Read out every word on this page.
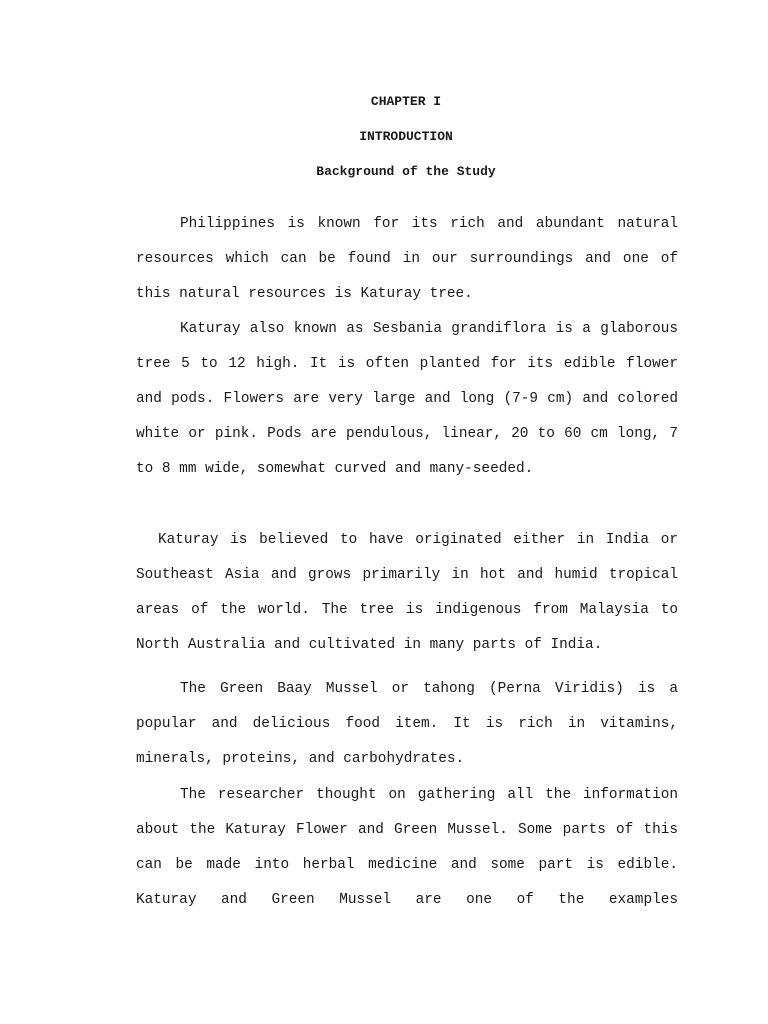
CHAPTER I
INTRODUCTION
Background of the Study

Philippines is known for its rich and abundant natural resources which can be found in our surroundings and one of this natural resources is Katuray tree.

Katuray also known as Sesbania grandiflora is a glaborous tree 5 to 12 high. It is often planted for its edible flower and pods. Flowers are very large and long (7-9 cm) and colored white or pink. Pods are pendulous, linear, 20 to 60 cm long, 7 to 8 mm wide, somewhat curved and many-seeded.

Katuray is believed to have originated either in India or Southeast Asia and grows primarily in hot and humid tropical areas of the world. The tree is indigenous from Malaysia to North Australia and cultivated in many parts of India.

The Green Baay Mussel or tahong (Perna Viridis) is a popular and delicious food item. It is rich in vitamins, minerals, proteins, and carbohydrates.

The researcher thought on gathering all the information about the Katuray Flower and Green Mussel. Some parts of this can be made into herbal medicine and some part is edible. Katuray and Green Mussel are one of the examples
